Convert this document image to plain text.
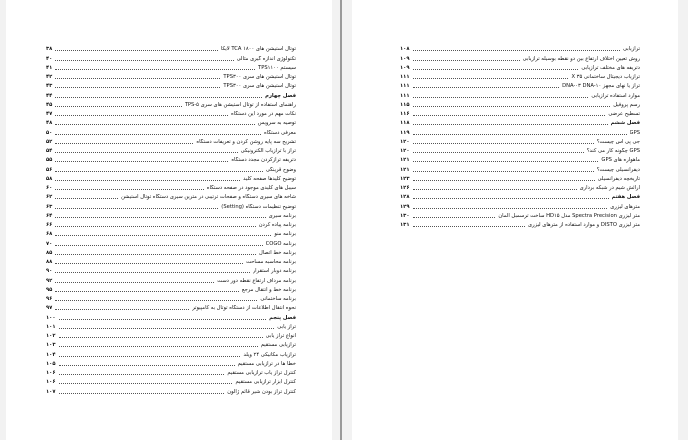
توتال استیشن های TCA ۱۸۰۰ لایکا
۳۸
تکنولوژی اندازه گیری مثالی
۴۰
سیستم TPS۱۱۰۰
۴۱
توتال استیشن های سری TPS۳۰۰
۴۲
توتال استیشن های سری TPS۳۰۰
۴۳
فصل چهارم
۴۴
راهنمای استفاده از توتال استیشن های سری TPS-۵
۴۵
نکات مهم در مورد این دستگاه
۴۷
توصیه به سرویس
۴۸
معرفی دستگاه
۵۰
تشریح سه پایه روشن کردن و تعریفات دستگاه
۵۲
تراز با ترازیاب الکترونیکی
۵۴
دتریفه ترازکردن مجدد دستگاه
۵۵
وضوح قرینگی
۵۶
توضیح کلیدها صفحه کلید
۵۸
سیبل های کلیدی موجود در صفحه دستگاه
۶۰
شاخه های سیری دستگاه و صفحات ترتیبی در مترین سیری دستگاه توتال استیشن
۶۲
توضیح تنظیمات دستگاه (Setting)
۶۳
برنامه سیری
۶۴
برنامه پیاده کردن
۶۶
برنامه منو
۶۸
برنامه COGO
۷۰
برنامه خط اتصال
۸۵
برنامه محاسبه مساحت
۸۸
برنامه دوبار استقرار
۹۰
برنامه مرداف ارتفاع نقطه دور دست
۹۲
برنامه خط و انتقال مرجع
۹۵
برنامه ساختمانی
۹۶
نحوه انتقال اطلاعات از دستگاه توتال به کامپیوتر
۹۷
فصل پنجم
۱۰۰
تراز یابی
۱۰۱
انواع تراز یابی
۱۰۲
ترازیابی مستقیم
۱۰۳
ترازیاب مکانیکی ۲۴ ویلد
۱۰۴
خطا ها در ترازیابی مستقیم
۱۰۵
کنترل تراز یاب ترازیابی مستقیم
۱۰۶
کنترل ابزار ترازیابی مستقیم
۱۰۶
کنترل تراز بودن شیر قائم ژالون
۱۰۷
ترازیابی
۱۰۸
روش تعیین اختلاف ارتفاع بین دو نقطه بوسیله ترازیابی
۱۰۹
دتریفه های مختلف ترازیابی
۱۰۹
ترازیاب دیجیتال ساختمانی ۳۵ X
۱۱۱
تراز یا نهای مجهز DNA-۰۳ DNA-۱۰
۱۱۱
موارد استفاده ترازیابی
۱۱۱
رسم پروفیل
۱۱۵
تسطیح عرضی
۱۱۶
فصل ششم
۱۱۸
GPS
۱۱۹
جی پی اس چیست؟
۱۲۰
GPS چگونه کار می کند؟
۱۲۰
ماهواره های GPS
۱۲۱
دیفرانسیلی چیست؟
۱۲۱
تاریخچه دیفرانسیلی
۱۲۳
ارائش شیم در شبکه برداری
۱۲۶
فصل هفتم
۱۲۸
مترهای لیزری
۱۲۹
متر لیزری Spectra Precision مدل HD۱۵ ساخت ترسمبل آلمان
۱۳۰
متر لیزری DISTO و موارد استفاده از مترهای لیزری
۱۳۱
